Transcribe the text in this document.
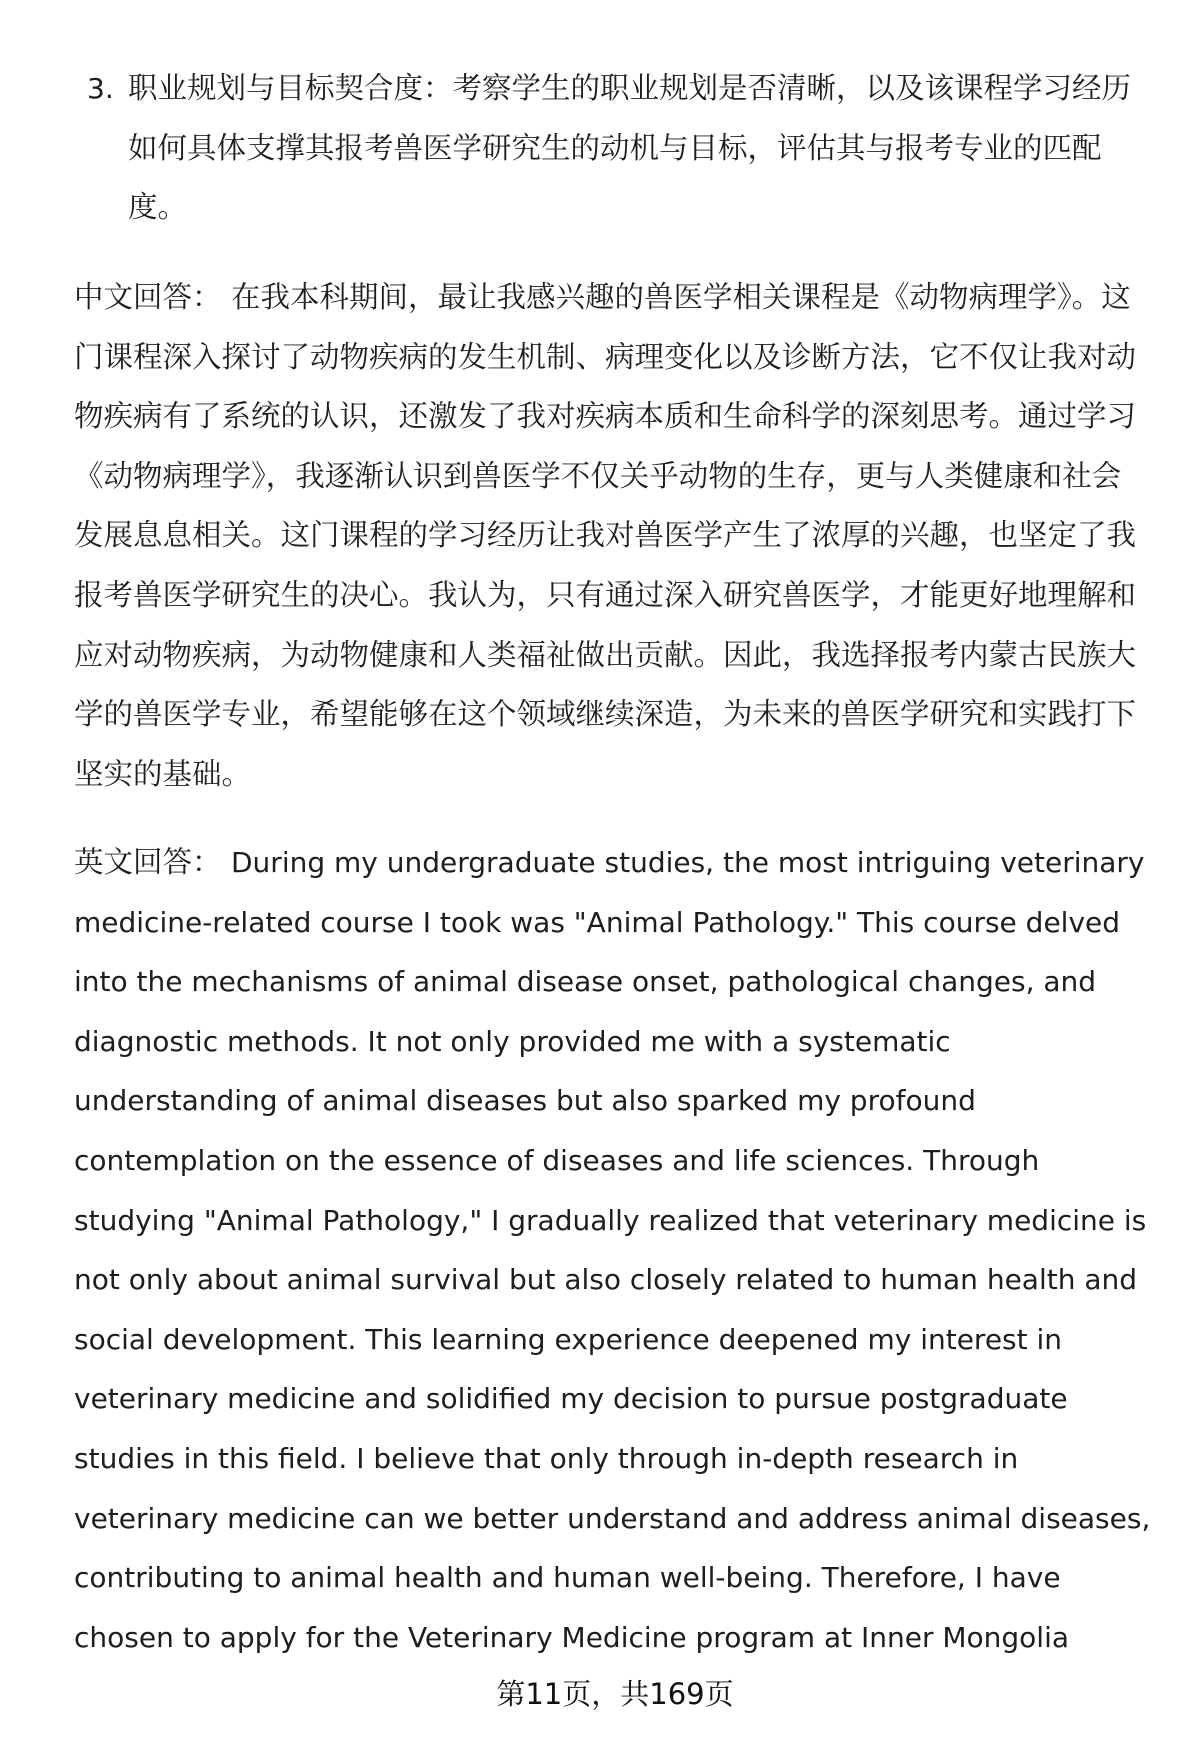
3. 职业规划与目标契合度：考察学生的职业规划是否清晰，以及该课程学习经历
如何具体支撑其报考兽医学研究生的动机与目标，评估其与报考专业的匹配
度。
中文回答： 在我本科期间，最让我感兴趣的兽医学相关课程是《动物病理学》。这
门课程深入探讨了动物疾病的发生机制、病理变化以及诊断方法，它不仅让我对动
物疾病有了系统的认识，还激发了我对疾病本质和生命科学的深刻思考。通过学习
《动物病理学》，我逐渐认识到兽医学不仅关乎动物的生存，更与人类健康和社会
发展息息相关。这门课程的学习经历让我对兽医学产生了浓厚的兴趣，也坚定了我
报考兽医学研究生的决心。我认为，只有通过深入研究兽医学，才能更好地理解和
应对动物疾病，为动物健康和人类福祉做出贡献。因此，我选择报考内蒙古民族大
学的兽医学专业，希望能够在这个领域继续深造，为未来的兽医学研究和实践打下
坚实的基础。
英文回答： During my undergraduate studies, the most intriguing veterinary
medicine-related course I took was "Animal Pathology." This course delved
into the mechanisms of animal disease onset, pathological changes, and
diagnostic methods. It not only provided me with a systematic
understanding of animal diseases but also sparked my profound
contemplation on the essence of diseases and life sciences. Through
studying "Animal Pathology," I gradually realized that veterinary medicine is
not only about animal survival but also closely related to human health and
social development. This learning experience deepened my interest in
veterinary medicine and solidified my decision to pursue postgraduate
studies in this field. I believe that only through in-depth research in
veterinary medicine can we better understand and address animal diseases,
contributing to animal health and human well-being. Therefore, I have
chosen to apply for the Veterinary Medicine program at Inner Mongolia
第11页，共169页
